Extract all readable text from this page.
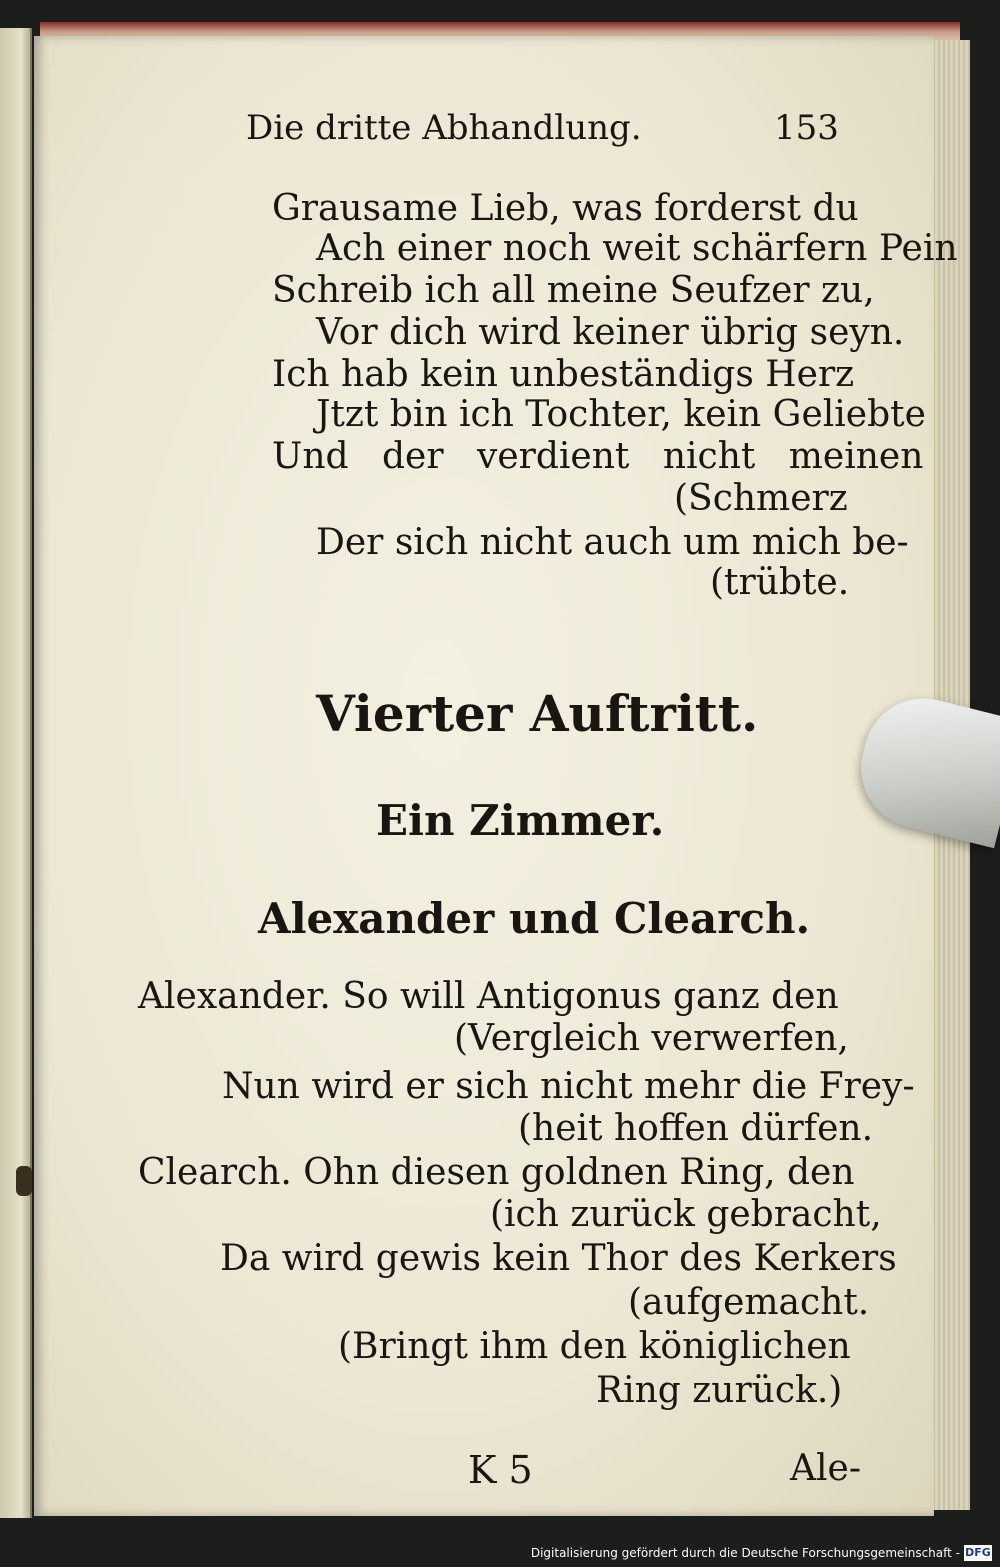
Die dritte Abhandlung.	153
Grausame Lieb, was forderst du
Ach einer noch weit schärfern Pein
Schreib ich all meine Seufzer zu,
Vor dich wird keiner übrig seyn.
Ich hab kein unbeständigs Herz
Jtzt bin ich Tochter, kein Geliebte
Und der verdient nicht meinen
(Schmerz
Der sich nicht auch um mich be-
(trübte.
Vierter Auftritt.
Ein Zimmer.
Alexander und Clearch.
Alexander. So will Antigonus ganz den
(Vergleich verwerfen,
Nun wird er sich nicht mehr die Frey-
(heit hoffen dürfen.
Clearch. Ohn diesen goldnen Ring, den
(ich zurück gebracht,
Da wird gewis kein Thor des Kerkers
(aufgemacht.
(Bringt ihm den königlichen
Ring zurück.)
K 5	Ale-
Digitalisierung gefördert durch die Deutsche Forschungsgemeinschaft - DFG
